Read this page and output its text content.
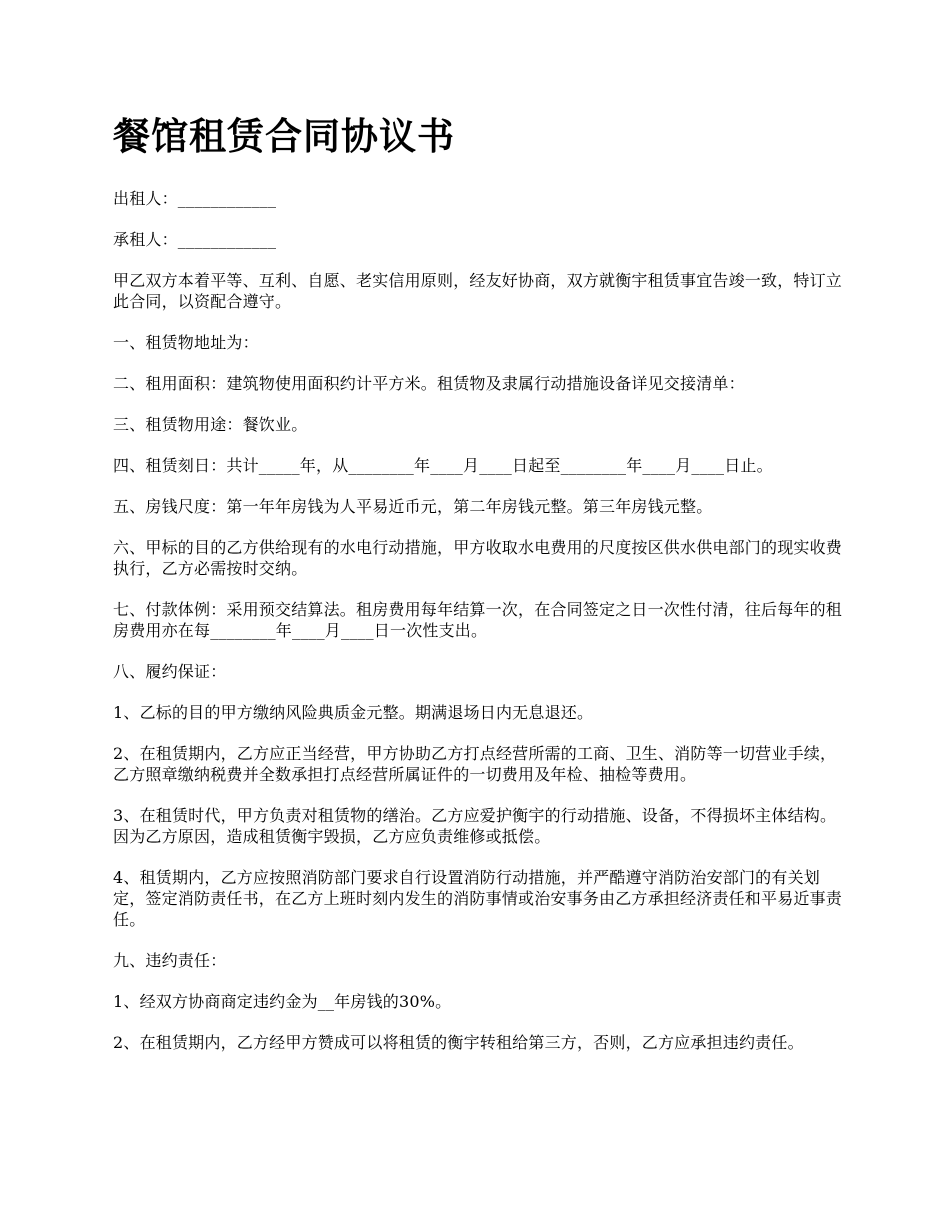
餐馆租赁合同协议书

出租人：____________

承租人：____________

甲乙双方本着平等、互利、自愿、老实信用原则，经友好协商，双方就衡宇租赁事宜告竣一致，特订立此合同，以资配合遵守。

一、租赁物地址为：

二、租用面积：建筑物使用面积约计平方米。租赁物及隶属行动措施设备详见交接清单：

三、租赁物用途：餐饮业。

四、租赁刻日：共计_____年，从________年____月____日起至________年____月____日止。

五、房钱尺度：第一年年房钱为人平易近币元，第二年房钱元整。第三年房钱元整。

六、甲标的目的乙方供给现有的水电行动措施，甲方收取水电费用的尺度按区供水供电部门的现实收费执行，乙方必需按时交纳。

七、付款体例：采用预交结算法。租房费用每年结算一次，在合同签定之日一次性付清，往后每年的租房费用亦在每________年____月____日一次性支出。

八、履约保证：

1、乙标的目的甲方缴纳风险典质金元整。期满退场日内无息退还。

2、在租赁期内，乙方应正当经营，甲方协助乙方打点经营所需的工商、卫生、消防等一切营业手续，乙方照章缴纳税费并全数承担打点经营所属证件的一切费用及年检、抽检等费用。

3、在租赁时代，甲方负责对租赁物的缮治。乙方应爱护衡宇的行动措施、设备，不得损坏主体结构。因为乙方原因，造成租赁衡宇毁损，乙方应负责维修或抵偿。

4、租赁期内，乙方应按照消防部门要求自行设置消防行动措施，并严酷遵守消防治安部门的有关划定，签定消防责任书，在乙方上班时刻内发生的消防事情或治安事务由乙方承担经济责任和平易近事责任。

九、违约责任：

1、经双方协商商定违约金为__年房钱的30%。

2、在租赁期内，乙方经甲方赞成可以将租赁的衡宇转租给第三方，否则，乙方应承担违约责任。
